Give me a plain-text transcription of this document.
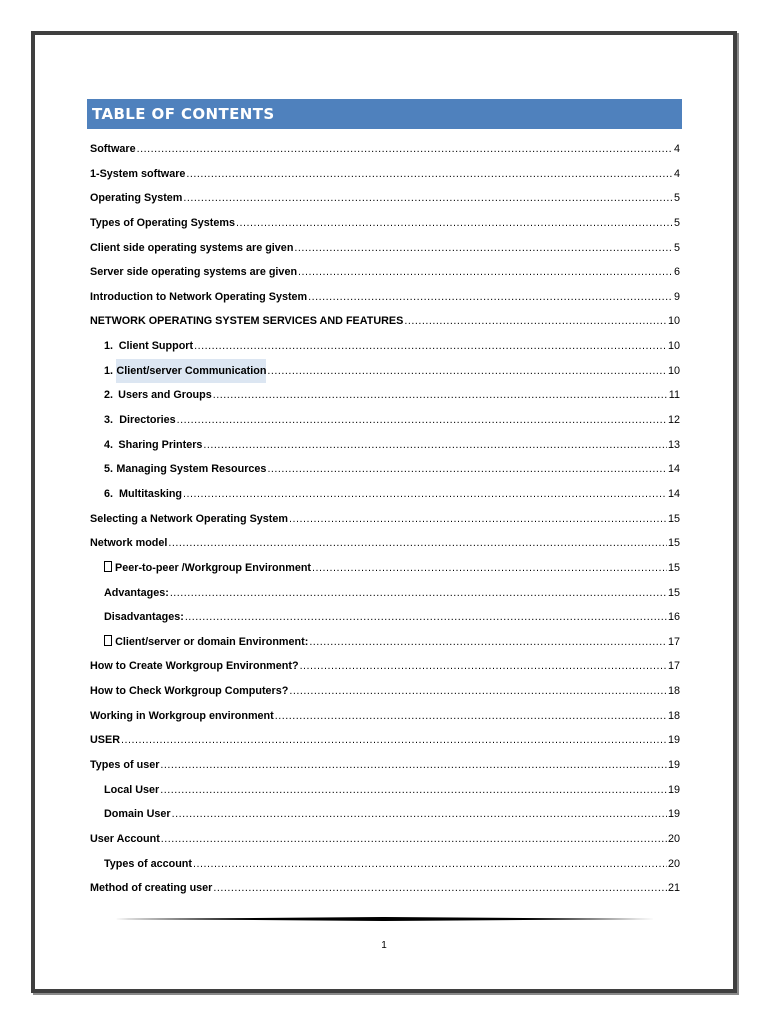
TABLE OF CONTENTS
Software .....	4
1-System software .....	4
Operating System .....	5
Types of Operating Systems .....	5
Client side operating systems are given .....	5
Server side operating systems are given .....	6
Introduction to Network Operating System .....	9
NETWORK OPERATING SYSTEM SERVICES AND FEATURES .....	10
1. Client Support .....	10
1. Client/server Communication .....	10
2. Users and Groups .....	11
3. Directories .....	12
4. Sharing Printers .....	13
5. Managing System Resources .....	14
6. Multitasking .....	14
Selecting a Network Operating System .....	15
Network model .....	15
Peer-to-peer /Workgroup Environment .....	15
Advantages: .....	15
Disadvantages: .....	16
Client/server or domain Environment: .....	17
How to Create Workgroup Environment? .....	17
How to Check Workgroup Computers? .....	18
Working in Workgroup environment .....	18
USER .....	19
Types of user .....	19
Local User .....	19
Domain User .....	19
User Account .....	20
Types of account .....	20
Method of creating user .....	21
1
